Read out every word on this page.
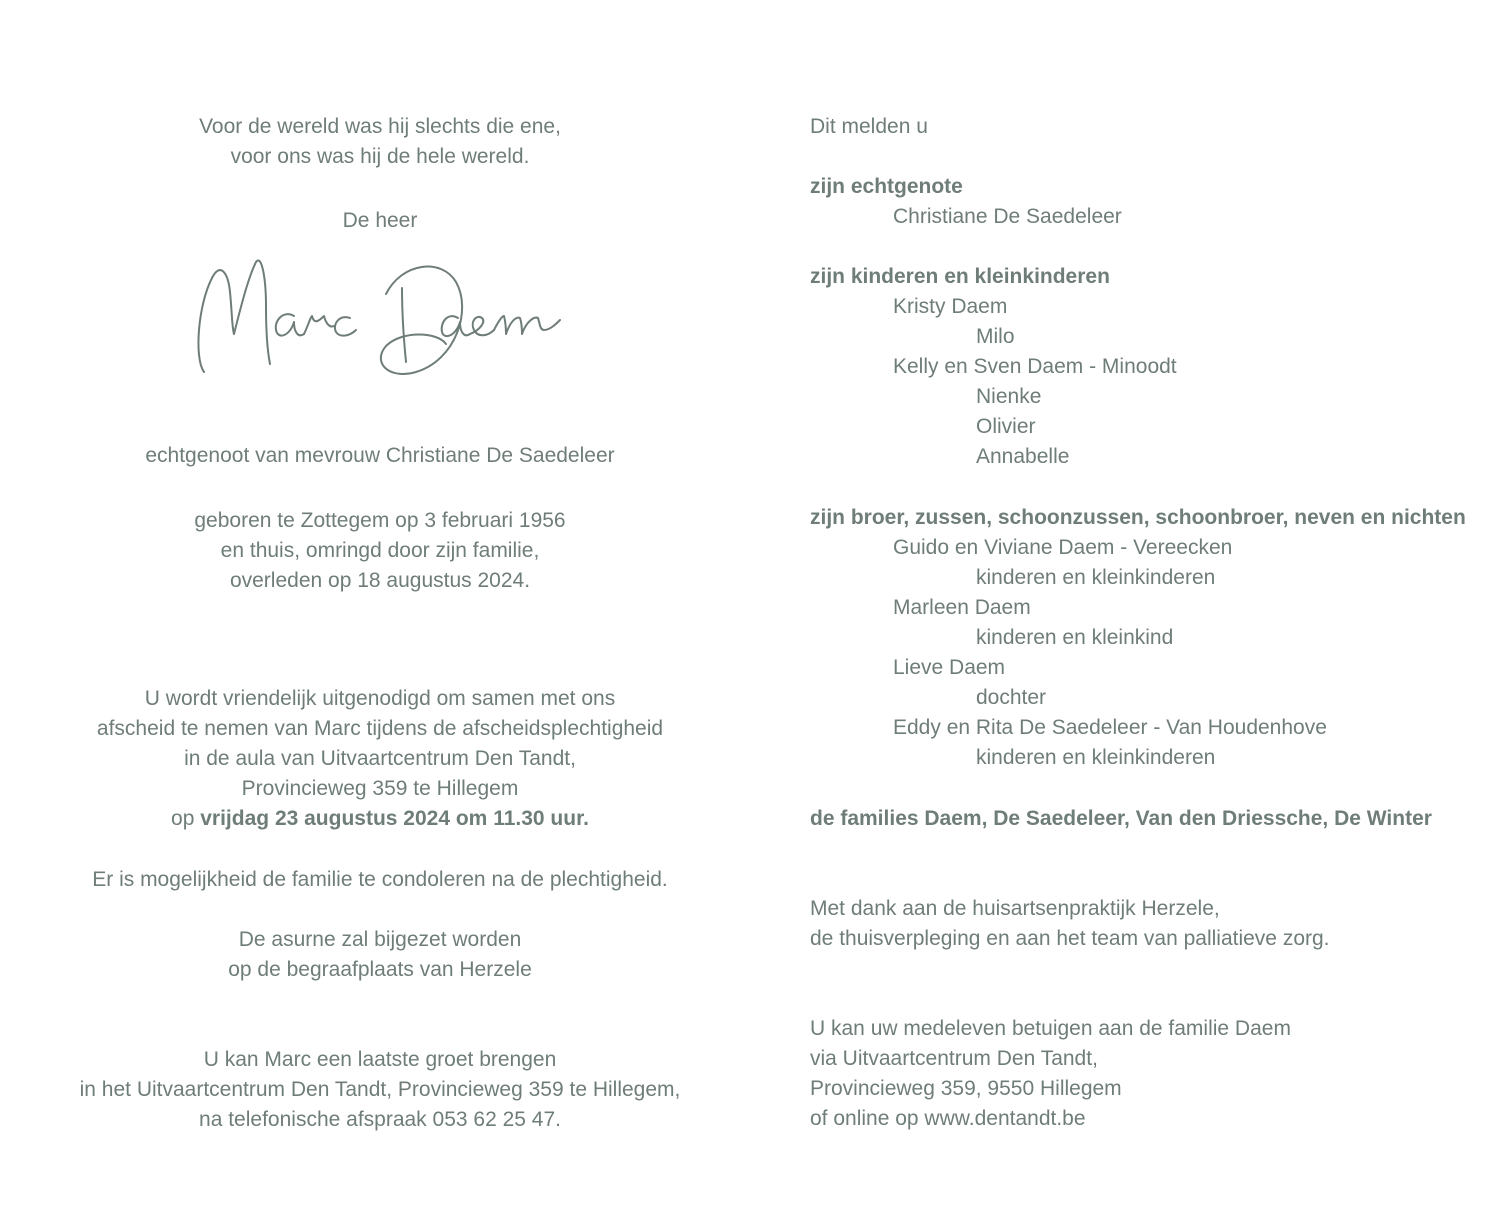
Voor de wereld was hij slechts die ene,
voor ons was hij de hele wereld.
De heer
echtgenoot van mevrouw Christiane De Saedeleer
geboren te Zottegem op 3 februari 1956
en thuis, omringd door zijn familie,
overleden op 18 augustus 2024.
U wordt vriendelijk uitgenodigd om samen met ons
afscheid te nemen van Marc tijdens de afscheidsplechtigheid
in de aula van Uitvaartcentrum Den Tandt,
Provincieweg 359 te Hillegem
op vrijdag 23 augustus 2024 om 11.30 uur.
Er is mogelijkheid de familie te condoleren na de plechtigheid.
De asurne zal bijgezet worden
op de begraafplaats van Herzele
U kan Marc een laatste groet brengen
in het Uitvaartcentrum Den Tandt, Provincieweg 359 te Hillegem,
na telefonische afspraak 053 62 25 47.
Dit melden u
zijn echtgenote
Christiane De Saedeleer
zijn kinderen en kleinkinderen
Kristy Daem
Milo
Kelly en Sven Daem - Minoodt
Nienke
Olivier
Annabelle
zijn broer, zussen, schoonzussen, schoonbroer, neven en nichten
Guido en Viviane Daem - Vereecken
kinderen en kleinkinderen
Marleen Daem
kinderen en kleinkind
Lieve Daem
dochter
Eddy en Rita De Saedeleer - Van Houdenhove
kinderen en kleinkinderen
de families Daem, De Saedeleer, Van den Driessche, De Winter
Met dank aan de huisartsenpraktijk Herzele,
de thuisverpleging en aan het team van palliatieve zorg.
U kan uw medeleven betuigen aan de familie Daem
via Uitvaartcentrum Den Tandt,
Provincieweg 359, 9550 Hillegem
of online op www.dentandt.be
